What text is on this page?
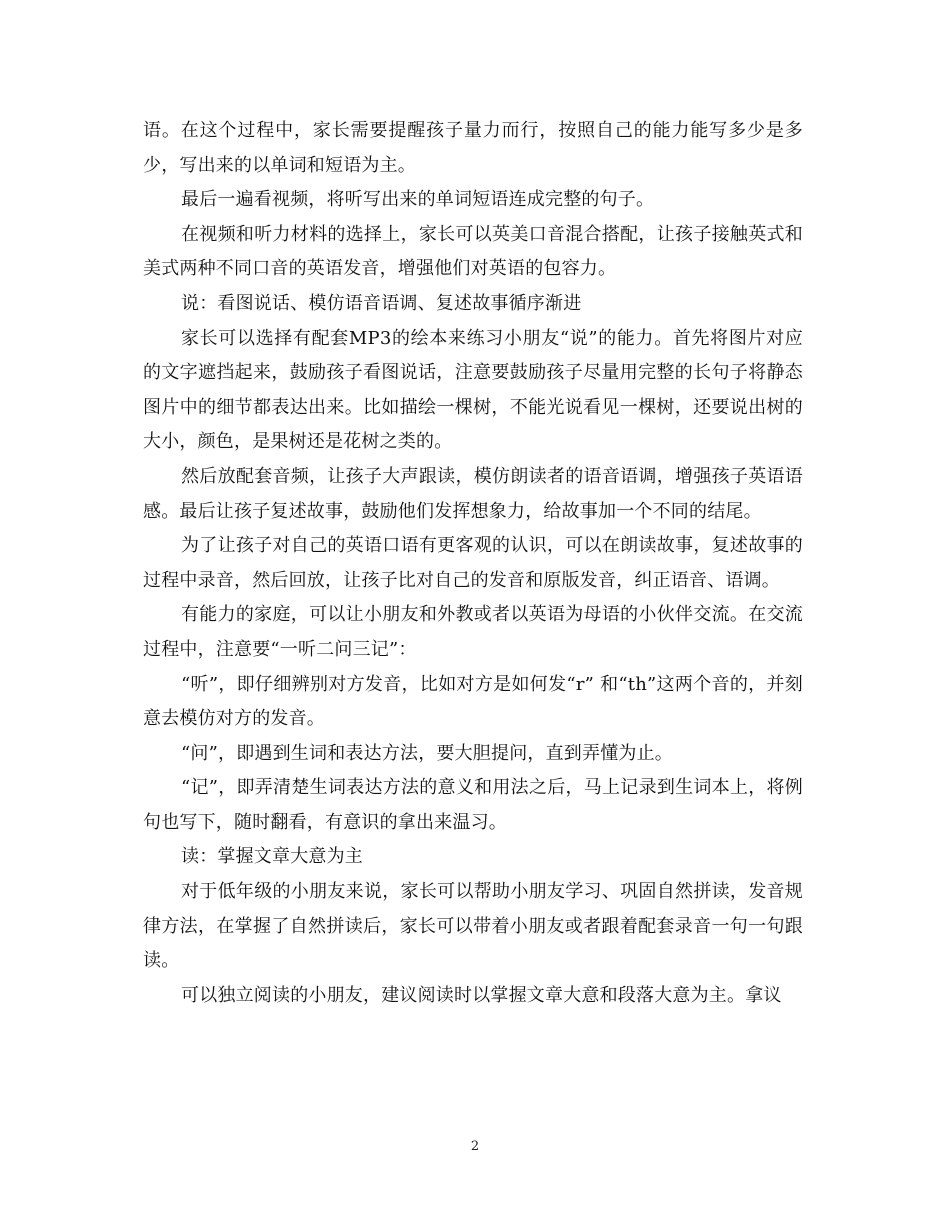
语。在这个过程中，家长需要提醒孩子量力而行，按照自己的能力能写多少是多少，写出来的以单词和短语为主。

最后一遍看视频，将听写出来的单词短语连成完整的句子。

在视频和听力材料的选择上，家长可以英美口音混合搭配，让孩子接触英式和美式两种不同口音的英语发音，增强他们对英语的包容力。

说：看图说话、模仿语音语调、复述故事循序渐进

家长可以选择有配套MP3的绘本来练习小朋友“说”的能力。首先将图片对应的文字遮挡起来，鼓励孩子看图说话，注意要鼓励孩子尽量用完整的长句子将静态图片中的细节都表达出来。比如描绘一棵树，不能光说看见一棵树，还要说出树的大小，颜色，是果树还是花树之类的。

然后放配套音频，让孩子大声跟读，模仿朗读者的语音语调，增强孩子英语语感。最后让孩子复述故事，鼓励他们发挥想象力，给故事加一个不同的结尾。

为了让孩子对自己的英语口语有更客观的认识，可以在朗读故事，复述故事的过程中录音，然后回放，让孩子比对自己的发音和原版发音，纠正语音、语调。

有能力的家庭，可以让小朋友和外教或者以英语为母语的小伙伴交流。在交流过程中，注意要“一听二问三记”：

“听”，即仔细辨别对方发音，比如对方是如何发“r” 和“th”这两个音的，并刻意去模仿对方的发音。

“问”，即遇到生词和表达方法，要大胆提问，直到弄懂为止。

“记”，即弄清楚生词表达方法的意义和用法之后，马上记录到生词本上，将例句也写下，随时翻看，有意识的拿出来温习。

读：掌握文章大意为主

对于低年级的小朋友来说，家长可以帮助小朋友学习、巩固自然拼读，发音规律方法，在掌握了自然拼读后，家长可以带着小朋友或者跟着配套录音一句一句跟读。

可以独立阅读的小朋友，建议阅读时以掌握文章大意和段落大意为主。拿议

2
